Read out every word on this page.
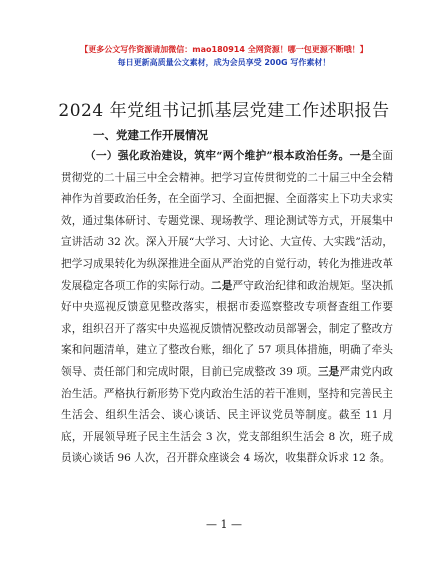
【更多公文写作资源请加微信：mao180914 全网资源！哪一包更源不断哦！】
每日更新高质量公文素材，成为会员享受 200G 写作素材！
2024 年党组书记抓基层党建工作述职报告
一、党建工作开展情况
（一）强化政治建设，筑牢“两个维护”根本政治任务。一是全面贯彻党的二十届三中全会精神。把学习宣传贯彻党的二十届三中全会精神作为首要政治任务，在全面学习、全面把握、全面落实上下功夫求实效，通过集体研讨、专题党课、现场教学、理论测试等方式，开展集中宣讲活动 32 次。深入开展“大学习、大讨论、大宣传、大实践”活动，把学习成果转化为纵深推进全面从严治党的自觉行动，转化为推进改革发展稳定各项工作的实际行动。二是严守政治纪律和政治规矩。坚决抓好中央巡视反馈意见整改落实，根据市委巡察整改专项督查组工作要求，组织召开了落实中央巡视反馈情况整改动员部署会，制定了整改方案和问题清单，建立了整改台账，细化了 57 项具体措施，明确了牵头领导、责任部门和完成时限，目前已完成整改 39 项。三是严肃党内政治生活。严格执行新形势下党内政治生活的若干准则，坚持和完善民主生活会、组织生活会、谈心谈话、民主评议党员等制度。截至 11 月底，开展领导班子民主生活会 3 次，党支部组织生活会 8 次，班子成员谈心谈话 96 人次，召开群众座谈会 4 场次，收集群众诉求 12 条。
— 1 —
